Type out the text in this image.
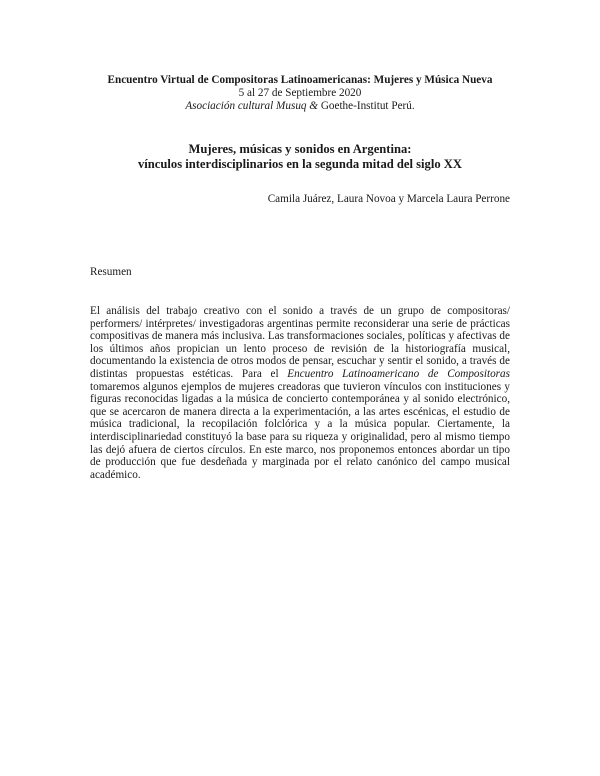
Encuentro Virtual de Compositoras Latinoamericanas: Mujeres y Música Nueva
5 al 27 de Septiembre 2020
Asociación cultural Musuq & Goethe-Institut Perú.
Mujeres, músicas y sonidos en Argentina:
vínculos interdisciplinarios en la segunda mitad del siglo XX
Camila Juárez, Laura Novoa y Marcela Laura Perrone
Resumen

El análisis del trabajo creativo con el sonido a través de un grupo de compositoras/ performers/ intérpretes/ investigadoras argentinas permite reconsiderar una serie de prácticas compositivas de manera más inclusiva. Las transformaciones sociales, políticas y afectivas de los últimos años propician un lento proceso de revisión de la historiografía musical, documentando la existencia de otros modos de pensar, escuchar y sentir el sonido, a través de distintas propuestas estéticas. Para el Encuentro Latinoamericano de Compositoras tomaremos algunos ejemplos de mujeres creadoras que tuvieron vínculos con instituciones y figuras reconocidas ligadas a la música de concierto contemporánea y al sonido electrónico, que se acercaron de manera directa a la experimentación, a las artes escénicas, el estudio de música tradicional, la recopilación folclórica y a la música popular. Ciertamente, la interdisciplinariedad constituyó la base para su riqueza y originalidad, pero al mismo tiempo las dejó afuera de ciertos círculos. En este marco, nos proponemos entonces abordar un tipo de producción que fue desdeñada y marginada por el relato canónico del campo musical académico.
